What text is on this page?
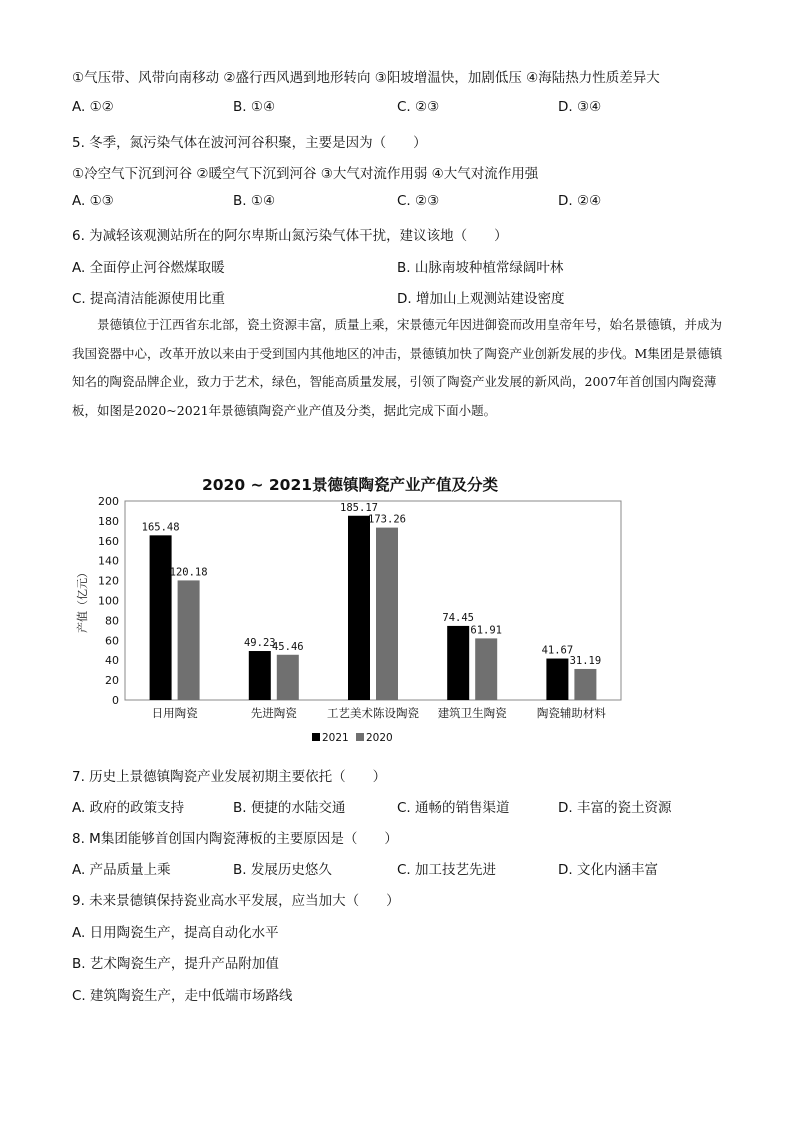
①气压带、风带向南移动 ②盛行西风遇到地形转向 ③阳坡增温快，加剧低压 ④海陆热力性质差异大
A. ①②	B. ①④	C. ②③	D. ③④
5. 冬季，氮污染气体在波河河谷积聚，主要是因为（　　）
①冷空气下沉到河谷 ②暖空气下沉到河谷 ③大气对流作用弱 ④大气对流作用强
A. ①③	B. ①④	C. ②③	D. ②④
6. 为减轻该观测站所在的阿尔卑斯山氮污染气体干扰，建议该地（　　）
A. 全面停止河谷燃煤取暖	B. 山脉南坡种植常绿阔叶林
C. 提高清洁能源使用比重	D. 增加山上观测站建设密度
景德镇位于江西省东北部，瓷土资源丰富，质量上乘，宋景德元年因进御瓷而改用皇帝年号，始名景德镇，并成为我国瓷器中心，改革开放以来由于受到国内其他地区的冲击，景德镇加快了陶瓷产业创新发展的步伐。M集团是景德镇知名的陶瓷品牌企业，致力于艺术，绿色，智能高质量发展，引领了陶瓷产业发展的新风尚，2007年首创国内陶瓷薄板，如图是2020~2021年景德镇陶瓷产业产值及分类，据此完成下面小题。
2020 ~ 2021景德镇陶瓷产业产值及分类
产值（亿元）
0
20
40
60
80
100
120
140
160
180
200
165.48
120.18
49.23
45.46
185.17
173.26
74.45
61.91
41.67
31.19
日用陶瓷	先进陶瓷	工艺美术陈设陶瓷 建筑卫生陶瓷	陶瓷辅助材料
2021 2020
7. 历史上景德镇陶瓷产业发展初期主要依托（　　）
A. 政府的政策支持	B. 便捷的水陆交通	C. 通畅的销售渠道	D. 丰富的瓷土资源
8. M集团能够首创国内陶瓷薄板的主要原因是（　　）
A. 产品质量上乘	B. 发展历史悠久	C. 加工技艺先进	D. 文化内涵丰富
9. 未来景德镇保持瓷业高水平发展，应当加大（　　）
A. 日用陶瓷生产，提高自动化水平
B. 艺术陶瓷生产，提升产品附加值
C. 建筑陶瓷生产，走中低端市场路线
